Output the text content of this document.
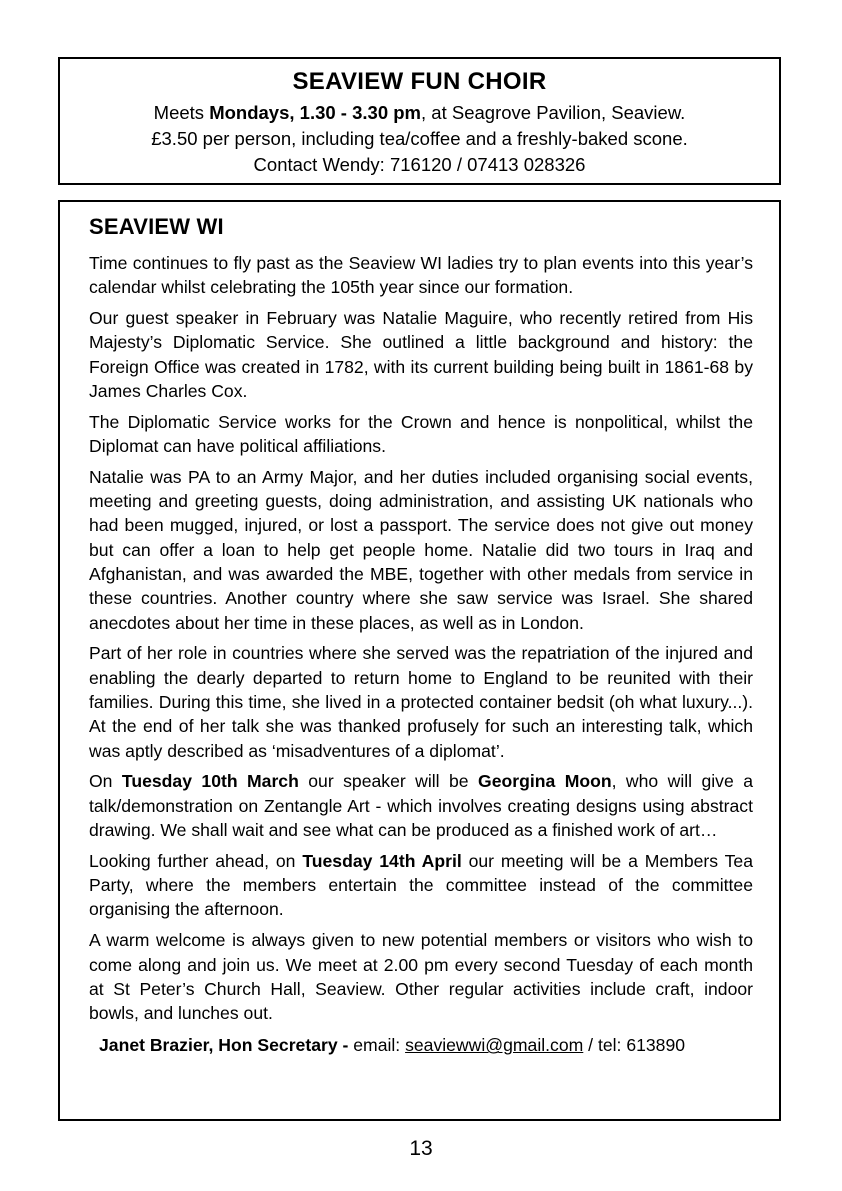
SEAVIEW FUN CHOIR
Meets Mondays, 1.30 - 3.30 pm, at Seagrove Pavilion, Seaview.
£3.50 per person, including tea/coffee and a freshly-baked scone.
Contact Wendy: 716120 / 07413 028326
SEAVIEW WI

Time continues to fly past as the Seaview WI ladies try to plan events into this year’s calendar whilst celebrating the 105th year since our formation.

Our guest speaker in February was Natalie Maguire, who recently retired from His Majesty’s Diplomatic Service. She outlined a little background and history: the Foreign Office was created in 1782, with its current building being built in 1861-68 by James Charles Cox.

The Diplomatic Service works for the Crown and hence is nonpolitical, whilst the Diplomat can have political affiliations.

Natalie was PA to an Army Major, and her duties included organising social events, meeting and greeting guests, doing administration, and assisting UK nationals who had been mugged, injured, or lost a passport. The service does not give out money but can offer a loan to help get people home. Natalie did two tours in Iraq and Afghanistan, and was awarded the MBE, together with other medals from service in these countries. Another country where she saw service was Israel. She shared anecdotes about her time in these places, as well as in London.

Part of her role in countries where she served was the repatriation of the injured and enabling the dearly departed to return home to England to be reunited with their families. During this time, she lived in a protected container bedsit (oh what luxury...). At the end of her talk she was thanked profusely for such an interesting talk, which was aptly described as ‘misadventures of a diplomat’.

On Tuesday 10th March our speaker will be Georgina Moon, who will give a talk/demonstration on Zentangle Art - which involves creating designs using abstract drawing. We shall wait and see what can be produced as a finished work of art…

Looking further ahead, on Tuesday 14th April our meeting will be a Members Tea Party, where the members entertain the committee instead of the committee organising the afternoon.

A warm welcome is always given to new potential members or visitors who wish to come along and join us. We meet at 2.00 pm every second Tuesday of each month at St Peter’s Church Hall, Seaview. Other regular activities include craft, indoor bowls, and lunches out.

Janet Brazier, Hon Secretary - email: seaviewwi@gmail.com / tel: 613890

13
